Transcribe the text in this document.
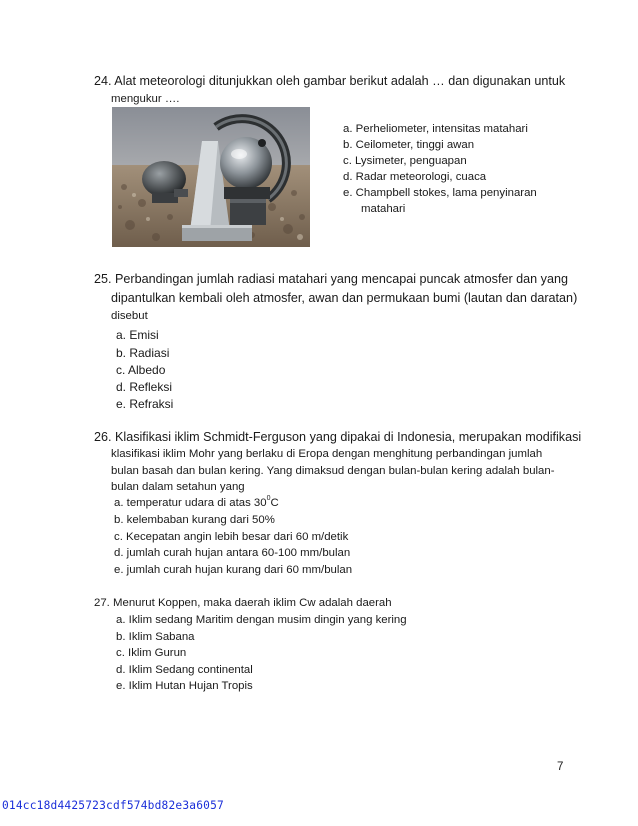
24. Alat meteorologi ditunjukkan oleh gambar berikut adalah … dan digunakan untuk
mengukur ….
a. Perheliometer, intensitas matahari
b. Ceilometer, tinggi awan
c. Lysimeter, penguapan
d. Radar meteorologi, cuaca
e. Champbell stokes, lama penyinaran
matahari
25. Perbandingan jumlah radiasi matahari yang mencapai puncak atmosfer dan yang
dipantulkan kembali oleh atmosfer, awan dan permukaan bumi (lautan dan daratan)
disebut
a. Emisi
b. Radiasi
c. Albedo
d. Refleksi
e. Refraksi
26. Klasifikasi iklim Schmidt-Ferguson yang dipakai di Indonesia, merupakan modifikasi
klasifikasi iklim Mohr yang berlaku di Eropa dengan menghitung perbandingan jumlah
bulan basah dan bulan kering. Yang dimaksud dengan bulan-bulan kering adalah bulan-
bulan dalam setahun yang
a. temperatur udara di atas $30^0C$
b. kelembaban kurang dari 50%
c. Kecepatan angin lebih besar dari 60 m/detik
d. jumlah curah hujan antara 60-100 mm/bulan
e. jumlah curah hujan kurang dari 60 mm/bulan
27. Menurut Koppen, maka daerah iklim Cw adalah daerah
a. Iklim sedang Maritim dengan musim dingin yang kering
b. Iklim Sabana
c. Iklim Gurun
d. Iklim Sedang continental
e. Iklim Hutan Hujan Tropis
7
014cc18d4425723cdf574bd82e3a6057
